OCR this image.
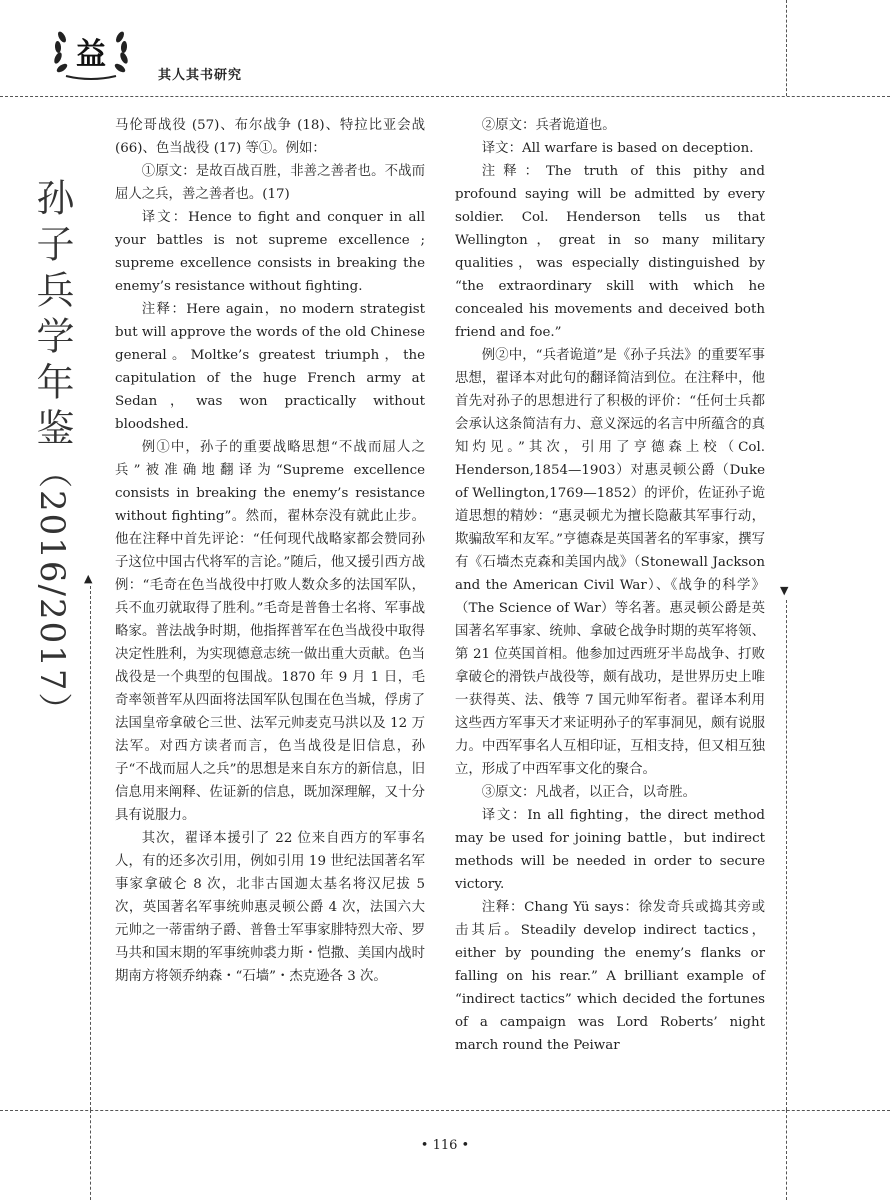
益
其人其书研究
孙子兵学年鉴（2016/2017）	▲
▼

马伦哥战役 (57)、布尔战争 (18)、特拉比亚会战 (66)、色当战役 (17) 等①。例如：

①原文：是故百战百胜，非善之善者也。不战而屈人之兵，善之善者也。(17)

译文：Hence to fight and conquer in all your battles is not supreme excellence ; supreme excellence consists in breaking the enemy’s resistance without fighting.

注释：Here again，no modern strategist but will approve the words of the old Chinese general。Moltke’s greatest triumph，the capitulation of the huge French army at Sedan，was won practically without bloodshed.

例①中，孙子的重要战略思想“不战而屈人之兵”被准确地翻译为“Supreme excellence consists in breaking the enemy’s resistance without fighting”。然而，翟林奈没有就此止步。他在注释中首先评论：“任何现代战略家都会赞同孙子这位中国古代将军的言论。”随后，他又援引西方战例：“毛奇在色当战役中打败人数众多的法国军队，兵不血刃就取得了胜利。”毛奇是普鲁士名将、军事战略家。普法战争时期，他指挥普军在色当战役中取得决定性胜利，为实现德意志统一做出重大贡献。色当战役是一个典型的包围战。1870 年 9 月 1 日，毛奇率领普军从四面将法国军队包围在色当城，俘虏了法国皇帝拿破仑三世、法军元帅麦克马洪以及 12 万法军。对西方读者而言，色当战役是旧信息，孙子“不战而屈人之兵”的思想是来自东方的新信息，旧信息用来阐释、佐证新的信息，既加深理解，又十分具有说服力。

其次，翟译本援引了 22 位来自西方的军事名人，有的还多次引用，例如引用 19 世纪法国著名军事家拿破仑 8 次，北非古国迦太基名将汉尼拔 5 次，英国著名军事统帅惠灵顿公爵 4 次，法国六大元帅之一蒂雷纳子爵、普鲁士军事家腓特烈大帝、罗马共和国末期的军事统帅裘力斯・恺撒、美国内战时期南方将领乔纳森・“石墙”・杰克逊各 3 次。

②原文：兵者诡道也。

译文：All warfare is based on deception.

注释：The truth of this pithy and profound saying will be admitted by every soldier. Col. Henderson tells us that Wellington，great in so many military qualities，was especially distinguished by “the extraordinary skill with which he concealed his movements and deceived both friend and foe.”

例②中，“兵者诡道”是《孙子兵法》的重要军事思想，翟译本对此句的翻译简洁到位。在注释中，他首先对孙子的思想进行了积极的评价：“任何士兵都会承认这条简洁有力、意义深远的名言中所蕴含的真知灼见。”其次，引用了亨德森上校（Col. Henderson,1854—1903）对惠灵顿公爵（Duke of Wellington,1769—1852）的评价，佐证孙子诡道思想的精妙：“惠灵顿尤为擅长隐蔽其军事行动，欺骗敌军和友军。”亨德森是英国著名的军事家，撰写有《石墙杰克森和美国内战》（Stonewall Jackson and the American Civil War）、《战争的科学》（The Science of War）等名著。惠灵顿公爵是英国著名军事家、统帅、拿破仑战争时期的英军将领、第 21 位英国首相。他参加过西班牙半岛战争、打败拿破仑的滑铁卢战役等，颇有战功，是世界历史上唯一获得英、法、俄等 7 国元帅军衔者。翟译本利用这些西方军事天才来证明孙子的军事洞见，颇有说服力。中西军事名人互相印证，互相支持，但又相互独立，形成了中西军事文化的聚合。

③原文：凡战者，以正合，以奇胜。

译文：In all fighting，the direct method may be used for joining battle，but indirect methods will be needed in order to secure victory.

注释：Chang Yü says：徐发奇兵或捣其旁或击其后。Steadily develop indirect tactics，either by pounding the enemy’s flanks or falling on his rear.” A brilliant example of “indirect tactics” which decided the fortunes of a campaign was Lord Roberts’ night march round the Peiwar

• 116 •
